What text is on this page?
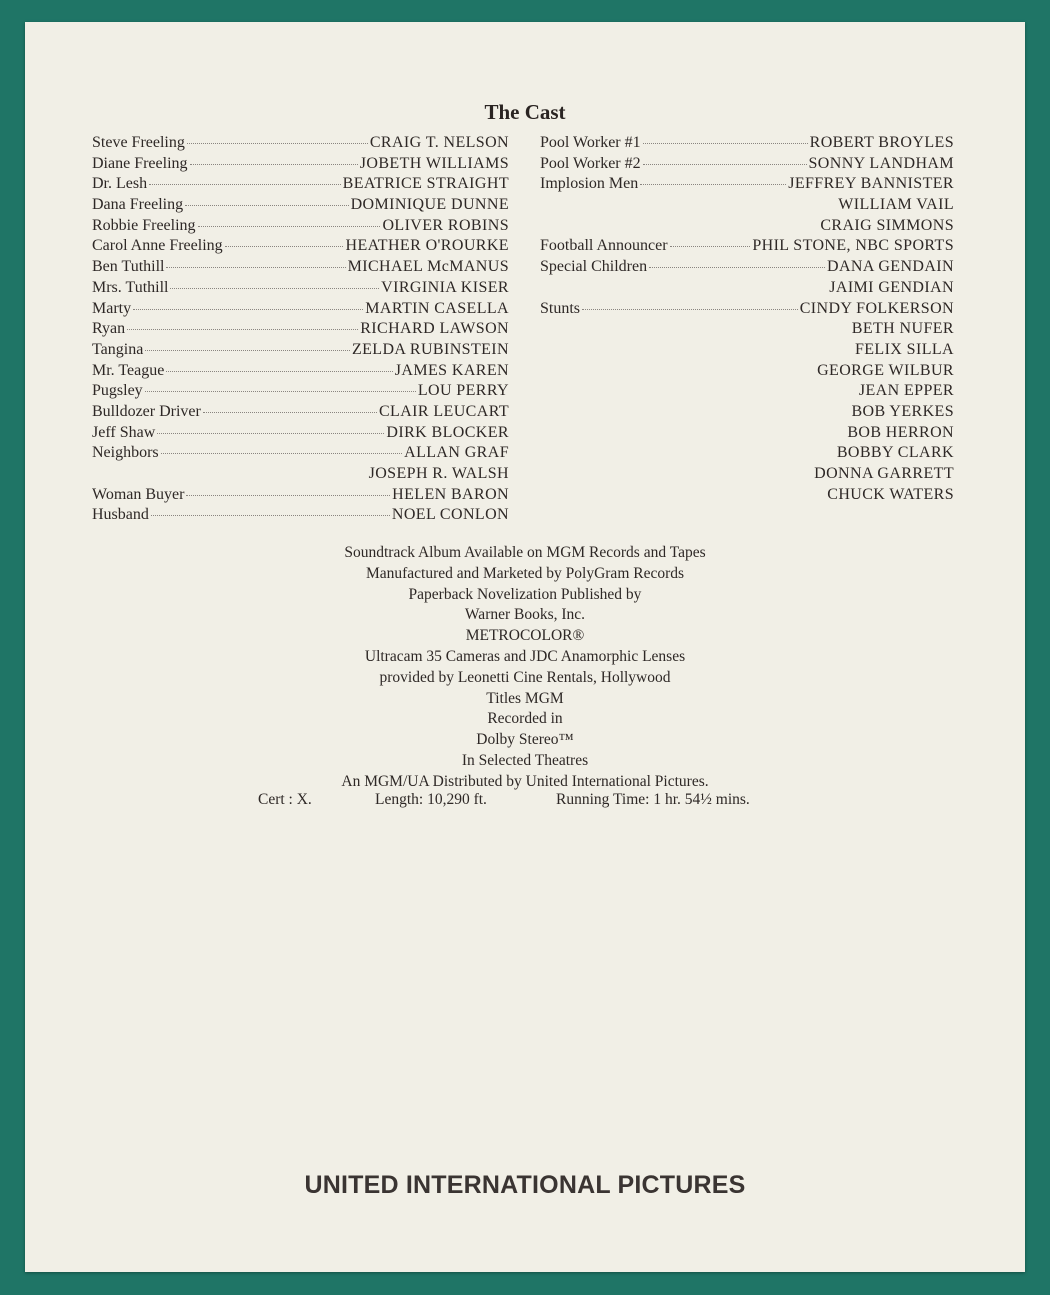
The Cast
Steve Freeling	CRAIG T. NELSON
Diane Freeling	JOBETH WILLIAMS
Dr. Lesh	BEATRICE STRAIGHT
Dana Freeling	DOMINIQUE DUNNE
Robbie Freeling	OLIVER ROBINS
Carol Anne Freeling	HEATHER O'ROURKE
Ben Tuthill	MICHAEL McMANUS
Mrs. Tuthill	VIRGINIA KISER
Marty	MARTIN CASELLA
Ryan	RICHARD LAWSON
Tangina	ZELDA RUBINSTEIN
Mr. Teague	JAMES KAREN
Pugsley	LOU PERRY
Bulldozer Driver	CLAIR LEUCART
Jeff Shaw	DIRK BLOCKER
Neighbors	ALLAN GRAF
JOSEPH R. WALSH
Woman Buyer	HELEN BARON
Husband	NOEL CONLON
Pool Worker #1	ROBERT BROYLES
Pool Worker #2	SONNY LANDHAM
Implosion Men	JEFFREY BANNISTER
WILLIAM VAIL
CRAIG SIMMONS
Football Announcer	PHIL STONE, NBC SPORTS
Special Children	DANA GENDAIN
JAIMI GENDIAN
Stunts	CINDY FOLKERSON
BETH NUFER
FELIX SILLA
GEORGE WILBUR
JEAN EPPER
BOB YERKES
BOB HERRON
BOBBY CLARK
DONNA GARRETT
CHUCK WATERS
Soundtrack Album Available on MGM Records and Tapes
Manufactured and Marketed by PolyGram Records
Paperback Novelization Published by
Warner Books, Inc.
METROCOLOR®
Ultracam 35 Cameras and JDC Anamorphic Lenses
provided by Leonetti Cine Rentals, Hollywood
Titles MGM
Recorded in
Dolby Stereo™
In Selected Theatres
An MGM/UA Distributed by United International Pictures.
Cert : X.	Length: 10,290 ft.	Running Time: 1 hr. 54½ mins.
UNITED INTERNATIONAL PICTURES
